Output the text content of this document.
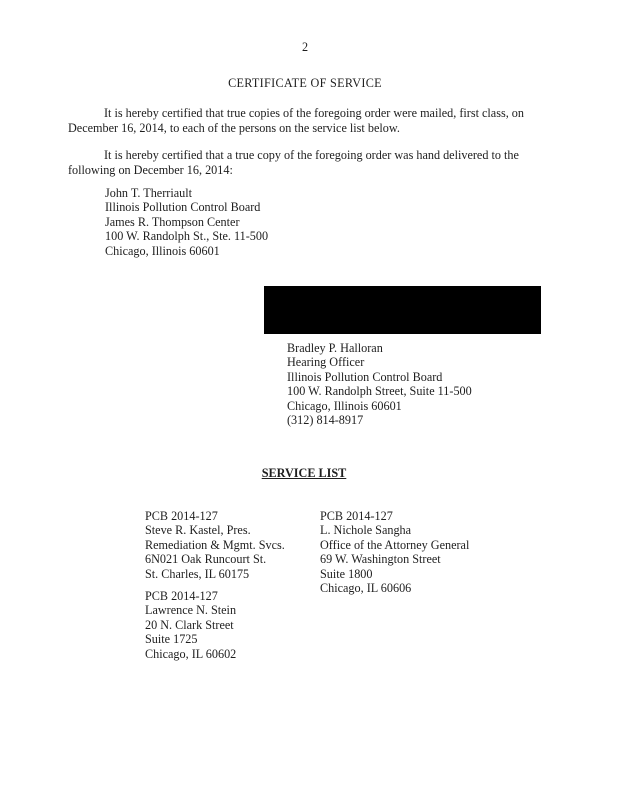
2

CERTIFICATE OF SERVICE

It is hereby certified that true copies of the foregoing order were mailed, first class, on December 16, 2014, to each of the persons on the service list below.

It is hereby certified that a true copy of the foregoing order was hand delivered to the following on December 16, 2014:

John T. Therriault
Illinois Pollution Control Board
James R. Thompson Center
100 W. Randolph St., Ste. 11-500
Chicago, Illinois 60601
Bradley P. Halloran
Hearing Officer
Illinois Pollution Control Board
100 W. Randolph Street, Suite 11-500
Chicago, Illinois 60601
(312) 814-8917

SERVICE LIST

PCB 2014-127
Steve R. Kastel, Pres.
Remediation & Mgmt. Svcs.
6N021 Oak Runcourt St.
St. Charles, IL 60175
PCB 2014-127
Lawrence N. Stein
20 N. Clark Street
Suite 1725
Chicago, IL 60602
PCB 2014-127
L. Nichole Sangha
Office of the Attorney General
69 W. Washington Street
Suite 1800
Chicago, IL 60606
